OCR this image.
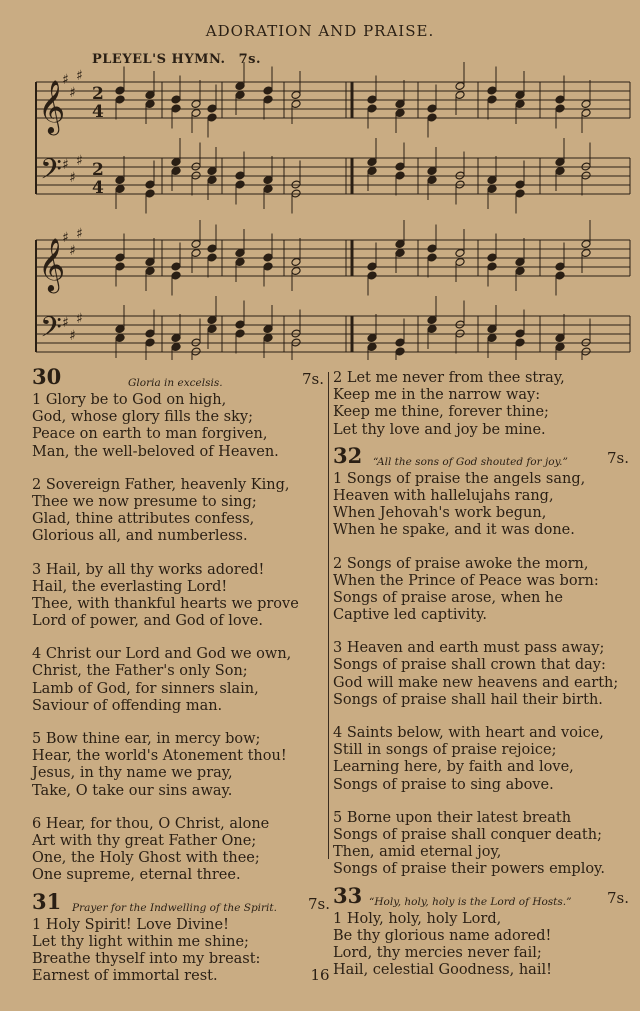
ADORATION AND PRAISE.
PLEYEL'S HYMN. 7s.
𝄞
𝄢
♯
♯
♯
♯
♯
♯
2
4
2
4
𝄞
𝄢
♯
♯
♯
♯
♯
♯
30	Gloria in excelsis.	7s.
1 Glory be to God on high,
God, whose glory fills the sky;
Peace on earth to man forgiven,
Man, the well-beloved of Heaven.
2 Sovereign Father, heavenly King,
Thee we now presume to sing;
Glad, thine attributes confess,
Glorious all, and numberless.
3 Hail, by all thy works adored!
Hail, the everlasting Lord!
Thee, with thankful hearts we prove
Lord of power, and God of love.
4 Christ our Lord and God we own,
Christ, the Father's only Son;
Lamb of God, for sinners slain,
Saviour of offending man.
5 Bow thine ear, in mercy bow;
Hear, the world's Atonement thou!
Jesus, in thy name we pray,
Take, O take our sins away.
6 Hear, for thou, O Christ, alone
Art with thy great Father One;
One, the Holy Ghost with thee;
One supreme, eternal three.
31 Prayer for the Indwelling of the Spirit. 7s.
1 Holy Spirit! Love Divine!
Let thy light within me shine;
Breathe thyself into my breast:
Earnest of immortal rest.
2 Let me never from thee stray,
Keep me in the narrow way:
Keep me thine, forever thine;
Let thy love and joy be mine.
32 “All the sons of God shouted for joy.”	7s.
1 Songs of praise the angels sang,
Heaven with hallelujahs rang,
When Jehovah's work begun,
When he spake, and it was done.
2 Songs of praise awoke the morn,
When the Prince of Peace was born:
Songs of praise arose, when he
Captive led captivity.
3 Heaven and earth must pass away;
Songs of praise shall crown that day:
God will make new heavens and earth;
Songs of praise shall hail their birth.
4 Saints below, with heart and voice,
Still in songs of praise rejoice;
Learning here, by faith and love,
Songs of praise to sing above.
5 Borne upon their latest breath
Songs of praise shall conquer death;
Then, amid eternal joy,
Songs of praise their powers employ.
33 “Holy, holy, holy is the Lord of Hosts.” 7s.
1 Holy, holy, holy Lord,
Be thy glorious name adored!
Lord, thy mercies never fail;
Hail, celestial Goodness, hail!
16
